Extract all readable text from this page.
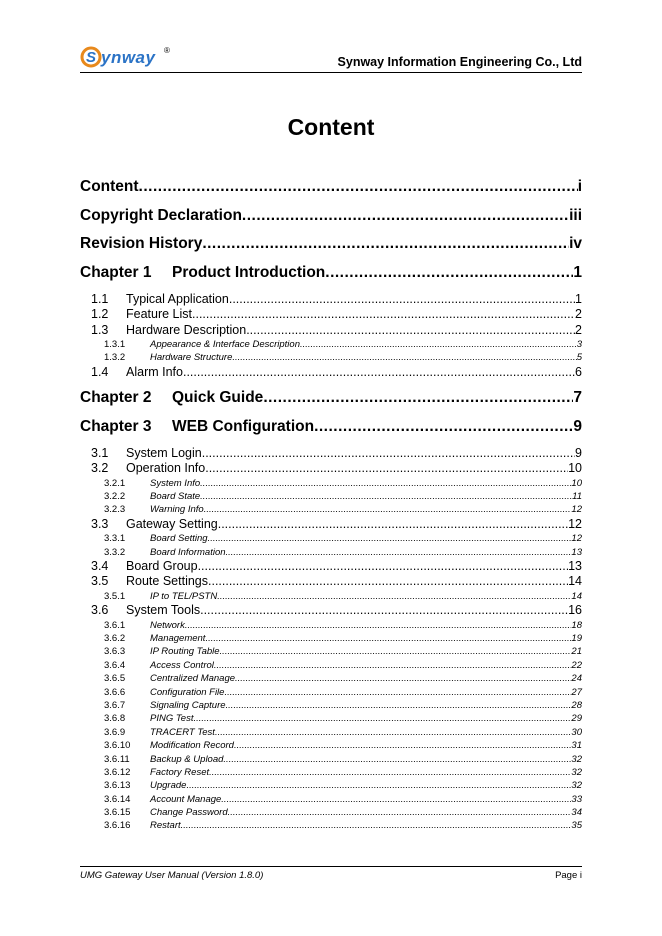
S ynway ®
Synway Information Engineering Co., Ltd
Content
Content .....	i
Copyright Declaration .....	iii
Revision History .....	iv
Chapter 1 Product Introduction .....	1
1.1 Typical Application .....	1
1.2 Feature List .....	2
1.3 Hardware Description .....	2
1.3.1	Appearance & Interface Description .....	3
1.3.2	Hardware Structure .....	5
1.4 Alarm Info .....	6
Chapter 2 Quick Guide .....	7
Chapter 3 WEB Configuration .....	9
3.1 System Login .....	9
3.2 Operation Info .....	10
3.2.1	System Info .....	10
3.2.2	Board State .....	11
3.2.3	Warning Info .....	12
3.3 Gateway Setting .....	12
3.3.1	Board Setting .....	12
3.3.2	Board Information .....	13
3.4 Board Group .....	13
3.5 Route Settings .....	14
3.5.1	IP to TEL/PSTN .....	14
3.6 System Tools .....	16
3.6.1	Network .....	18
3.6.2	Management .....	19
3.6.3	IP Routing Table .....	21
3.6.4	Access Control .....	22
3.6.5	Centralized Manage .....	24
3.6.6	Configuration File .....	27
3.6.7	Signaling Capture .....	28
3.6.8	PING Test .....	29
3.6.9	TRACERT Test .....	30
3.6.10 Modification Record .....	31
3.6.11 Backup & Upload .....	32
3.6.12 Factory Reset .....	32
3.6.13 Upgrade .....	32
3.6.14 Account Manage .....	33
3.6.15 Change Password .....	34
3.6.16 Restart .....	35
UMG Gateway User Manual (Version 1.8.0)	Page i
